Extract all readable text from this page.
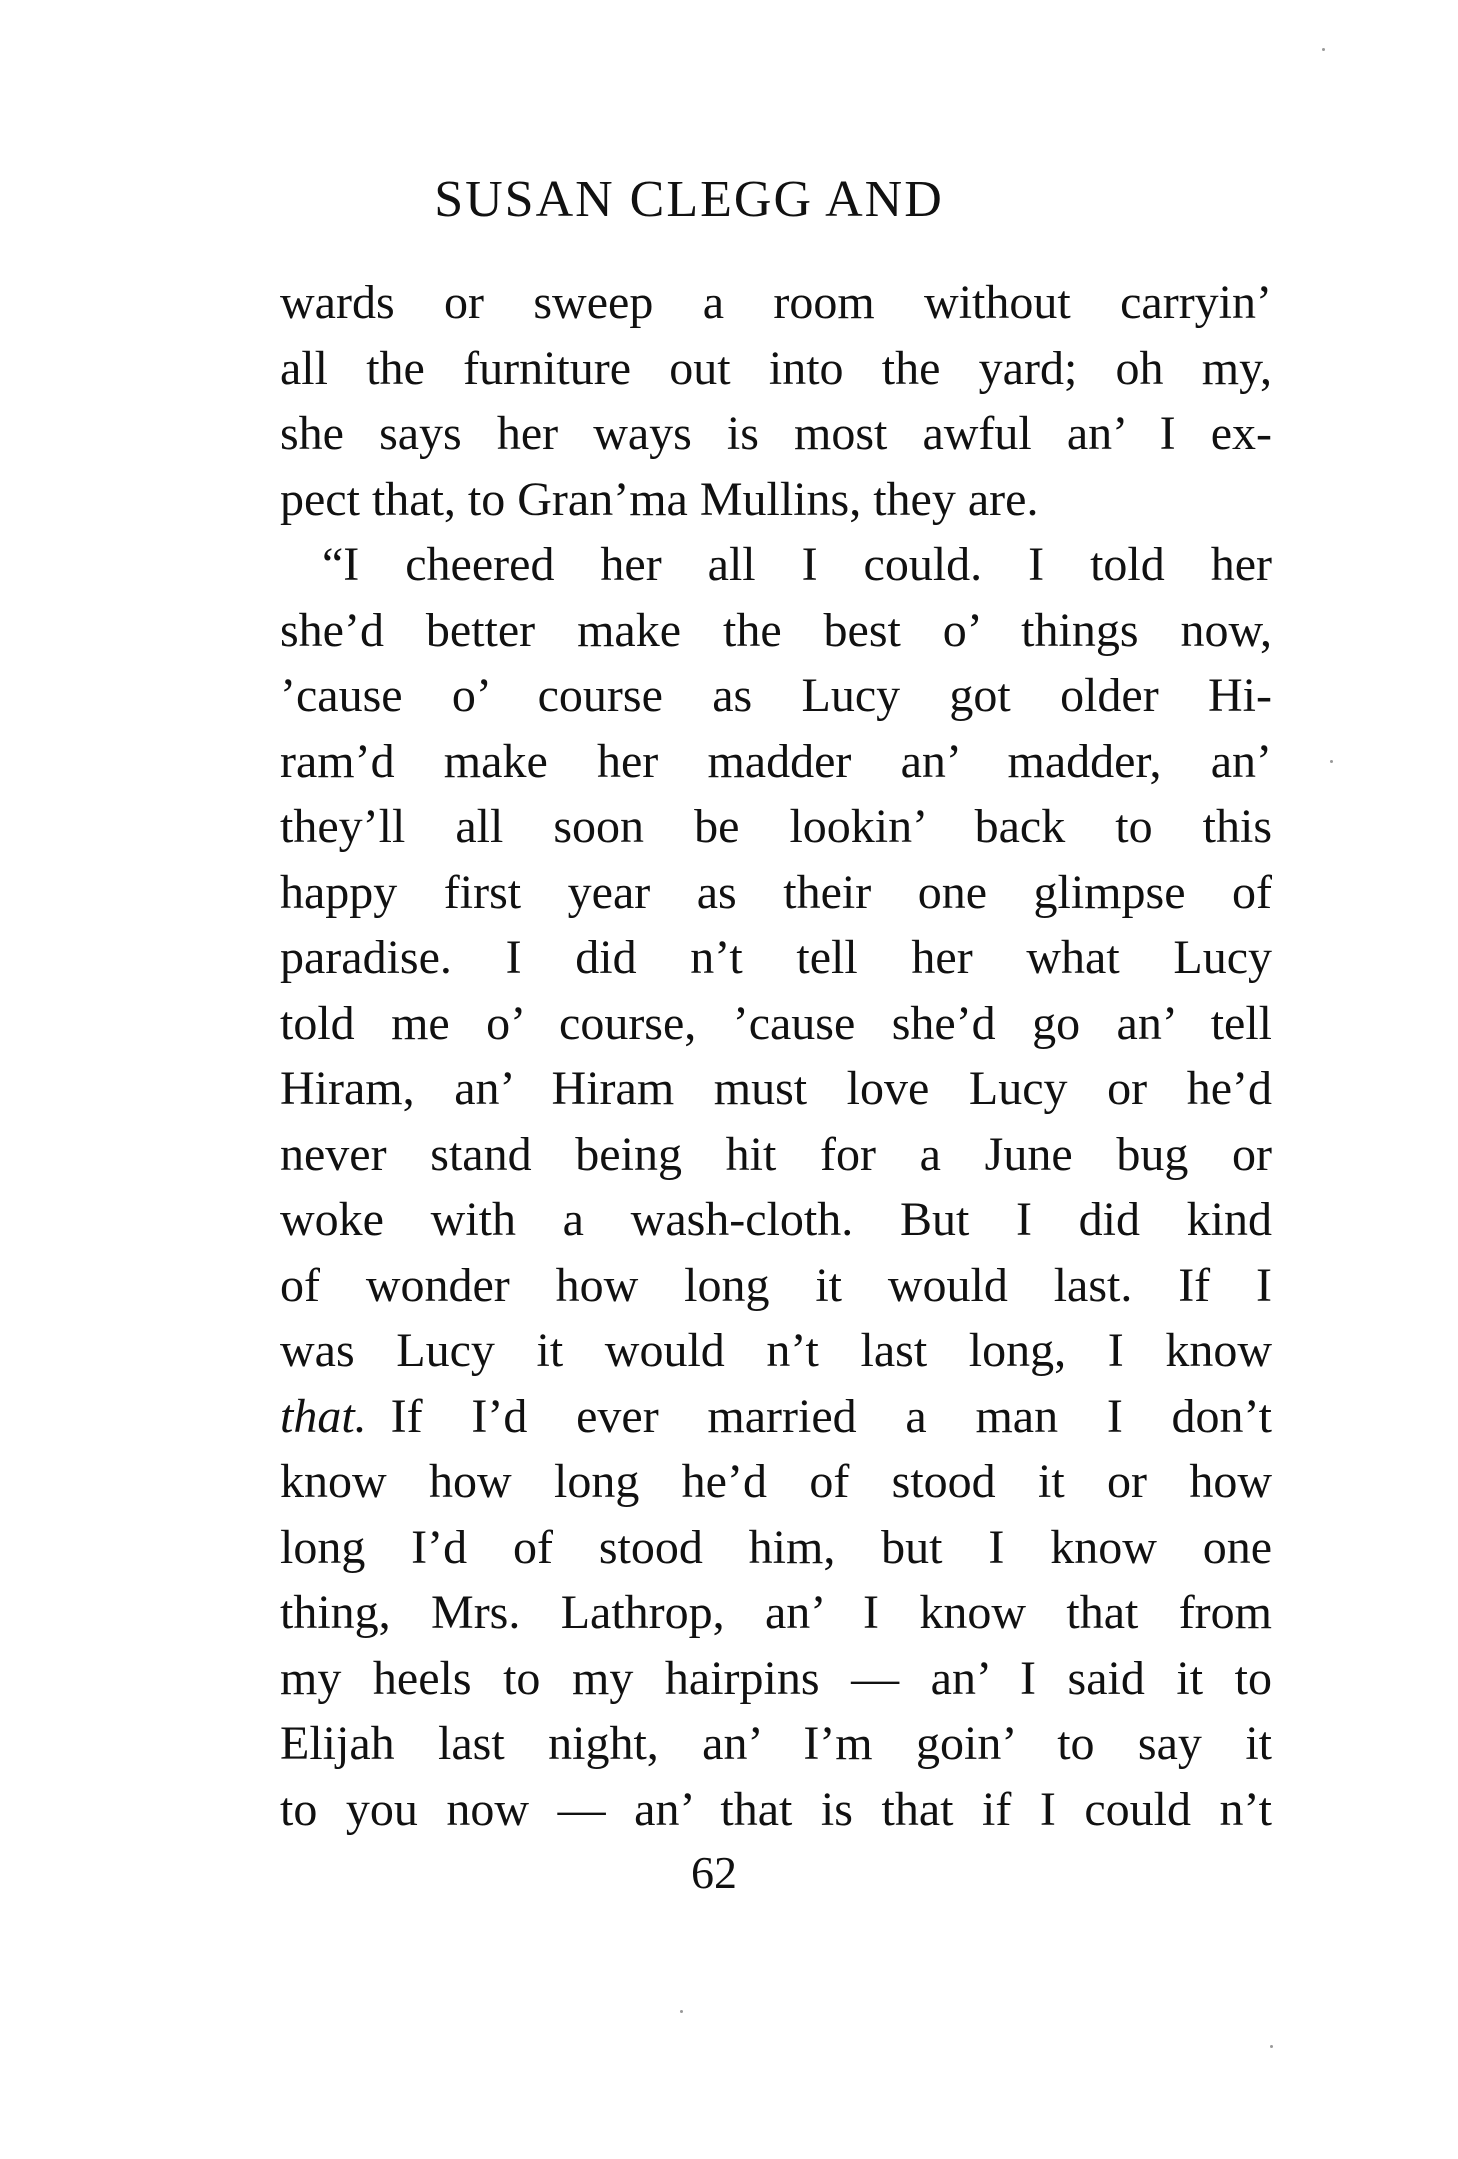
SUSAN CLEGG AND
wards or sweep a room without carryin’
all the furniture out into the yard; oh my,
she says her ways is most awful an’ I ex-
pect that, to Gran’ma Mullins, they are.
“I cheered her all I could. I told her
she’d better make the best o’ things now,
’cause o’ course as Lucy got older Hi-
ram’d make her madder an’ madder, an’
they’ll all soon be lookin’ back to this
happy first year as their one glimpse of
paradise. I did n’t tell her what Lucy
told me o’ course, ’cause she’d go an’ tell
Hiram, an’ Hiram must love Lucy or he’d
never stand being hit for a June bug or
woke with a wash-cloth. But I did kind
of wonder how long it would last. If I
was Lucy it would n’t last long, I know
that.  If I’d ever married a man I don’t
know how long he’d of stood it or how
long I’d of stood him, but I know one
thing, Mrs. Lathrop, an’ I know that from
my heels to my hairpins — an’ I said it to
Elijah last night, an’ I’m goin’ to say it
to you now — an’ that is that if I could n’t
62
